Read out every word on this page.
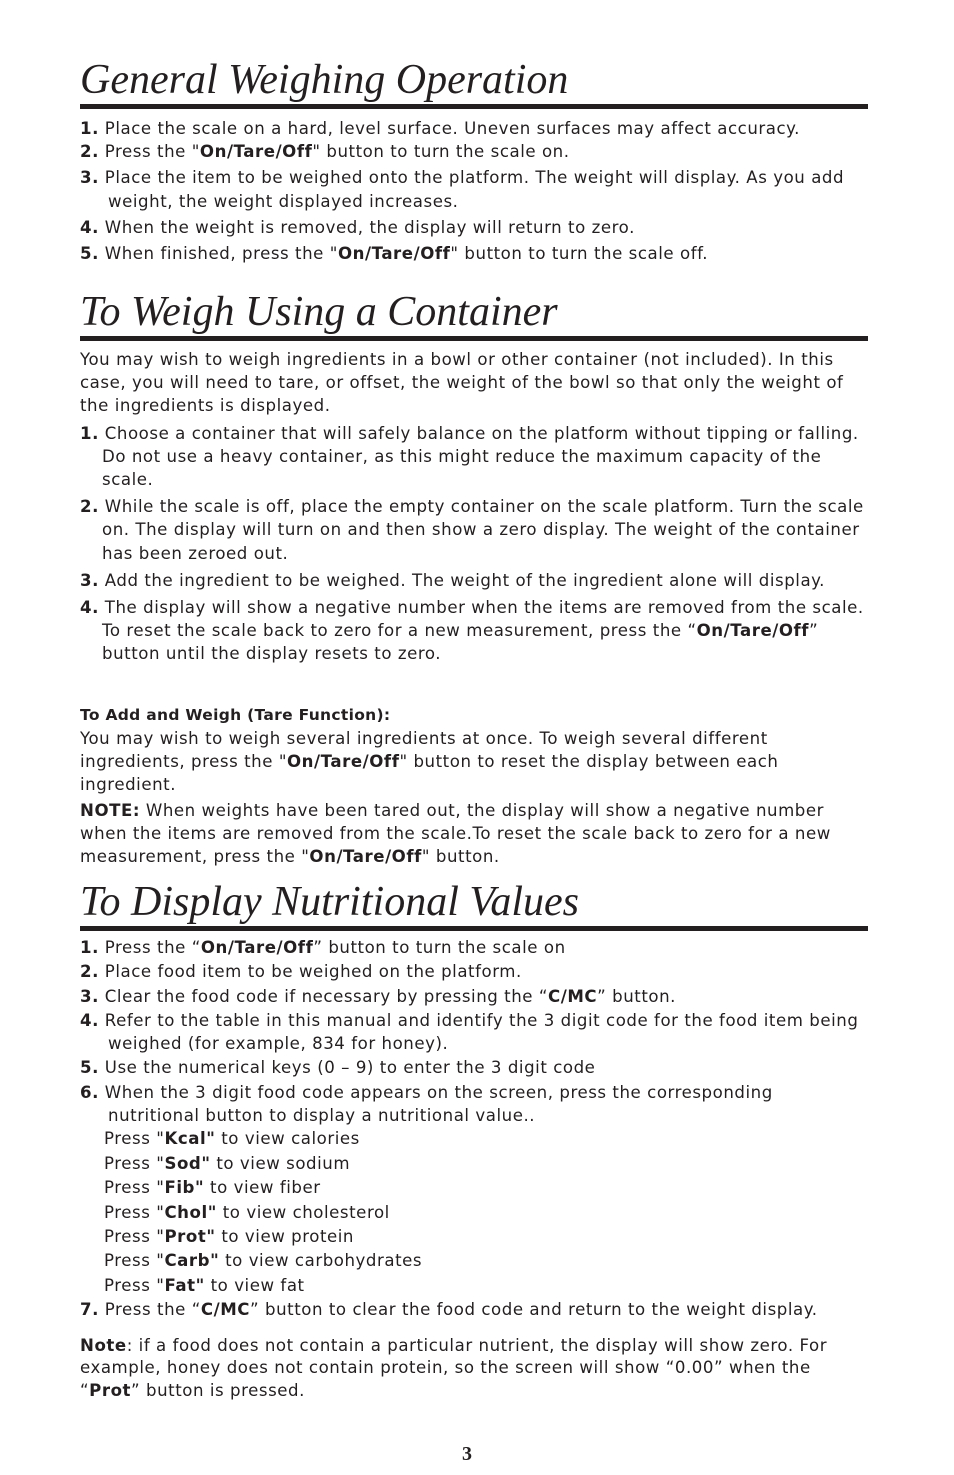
General Weighing Operation
1. Place the scale on a hard, level surface. Uneven surfaces may affect accuracy.
2. Press the "On/Tare/Off" button to turn the scale on.
3. Place the item to be weighed onto the platform. The weight will display. As you add weight, the weight displayed increases.
4. When the weight is removed, the display will return to zero.
5. When finished, press the "On/Tare/Off" button to turn the scale off.
To Weigh Using a Container
You may wish to weigh ingredients in a bowl or other container (not included). In this case, you will need to tare, or offset, the weight of the bowl so that only the weight of the ingredients is displayed.
1. Choose a container that will safely balance on the platform without tipping or falling. Do not use a heavy container, as this might reduce the maximum capacity of the scale.
2. While the scale is off, place the empty container on the scale platform. Turn the scale on. The display will turn on and then show a zero display. The weight of the container has been zeroed out.
3. Add the ingredient to be weighed. The weight of the ingredient alone will display.
4. The display will show a negative number when the items are removed from the scale. To reset the scale back to zero for a new measurement, press the “On/Tare/Off” button until the display resets to zero.
To Add and Weigh (Tare Function):
You may wish to weigh several ingredients at once. To weigh several different ingredients, press the "On/Tare/Off" button to reset the display between each ingredient.
NOTE: When weights have been tared out, the display will show a negative number when the items are removed from the scale.To reset the scale back to zero for a new measurement, press the "On/Tare/Off" button.
To Display Nutritional Values
1. Press the “On/Tare/Off” button to turn the scale on
2. Place food item to be weighed on the platform.
3. Clear the food code if necessary by pressing the “C/MC” button.
4. Refer to the table in this manual and identify the 3 digit code for the food item being weighed (for example, 834 for honey).
5. Use the numerical keys (0 – 9) to enter the 3 digit code
6. When the 3 digit food code appears on the screen, press the corresponding nutritional button to display a nutritional value..
Press "Kcal" to view calories
Press "Sod" to view sodium
Press "Fib" to view fiber
Press "Chol" to view cholesterol
Press "Prot" to view protein
Press "Carb" to view carbohydrates
Press "Fat" to view fat
7. Press the “C/MC” button to clear the food code and return to the weight display.
Note: if a food does not contain a particular nutrient, the display will show zero. For example, honey does not contain protein, so the screen will show “0.00” when the “Prot” button is pressed.
3
